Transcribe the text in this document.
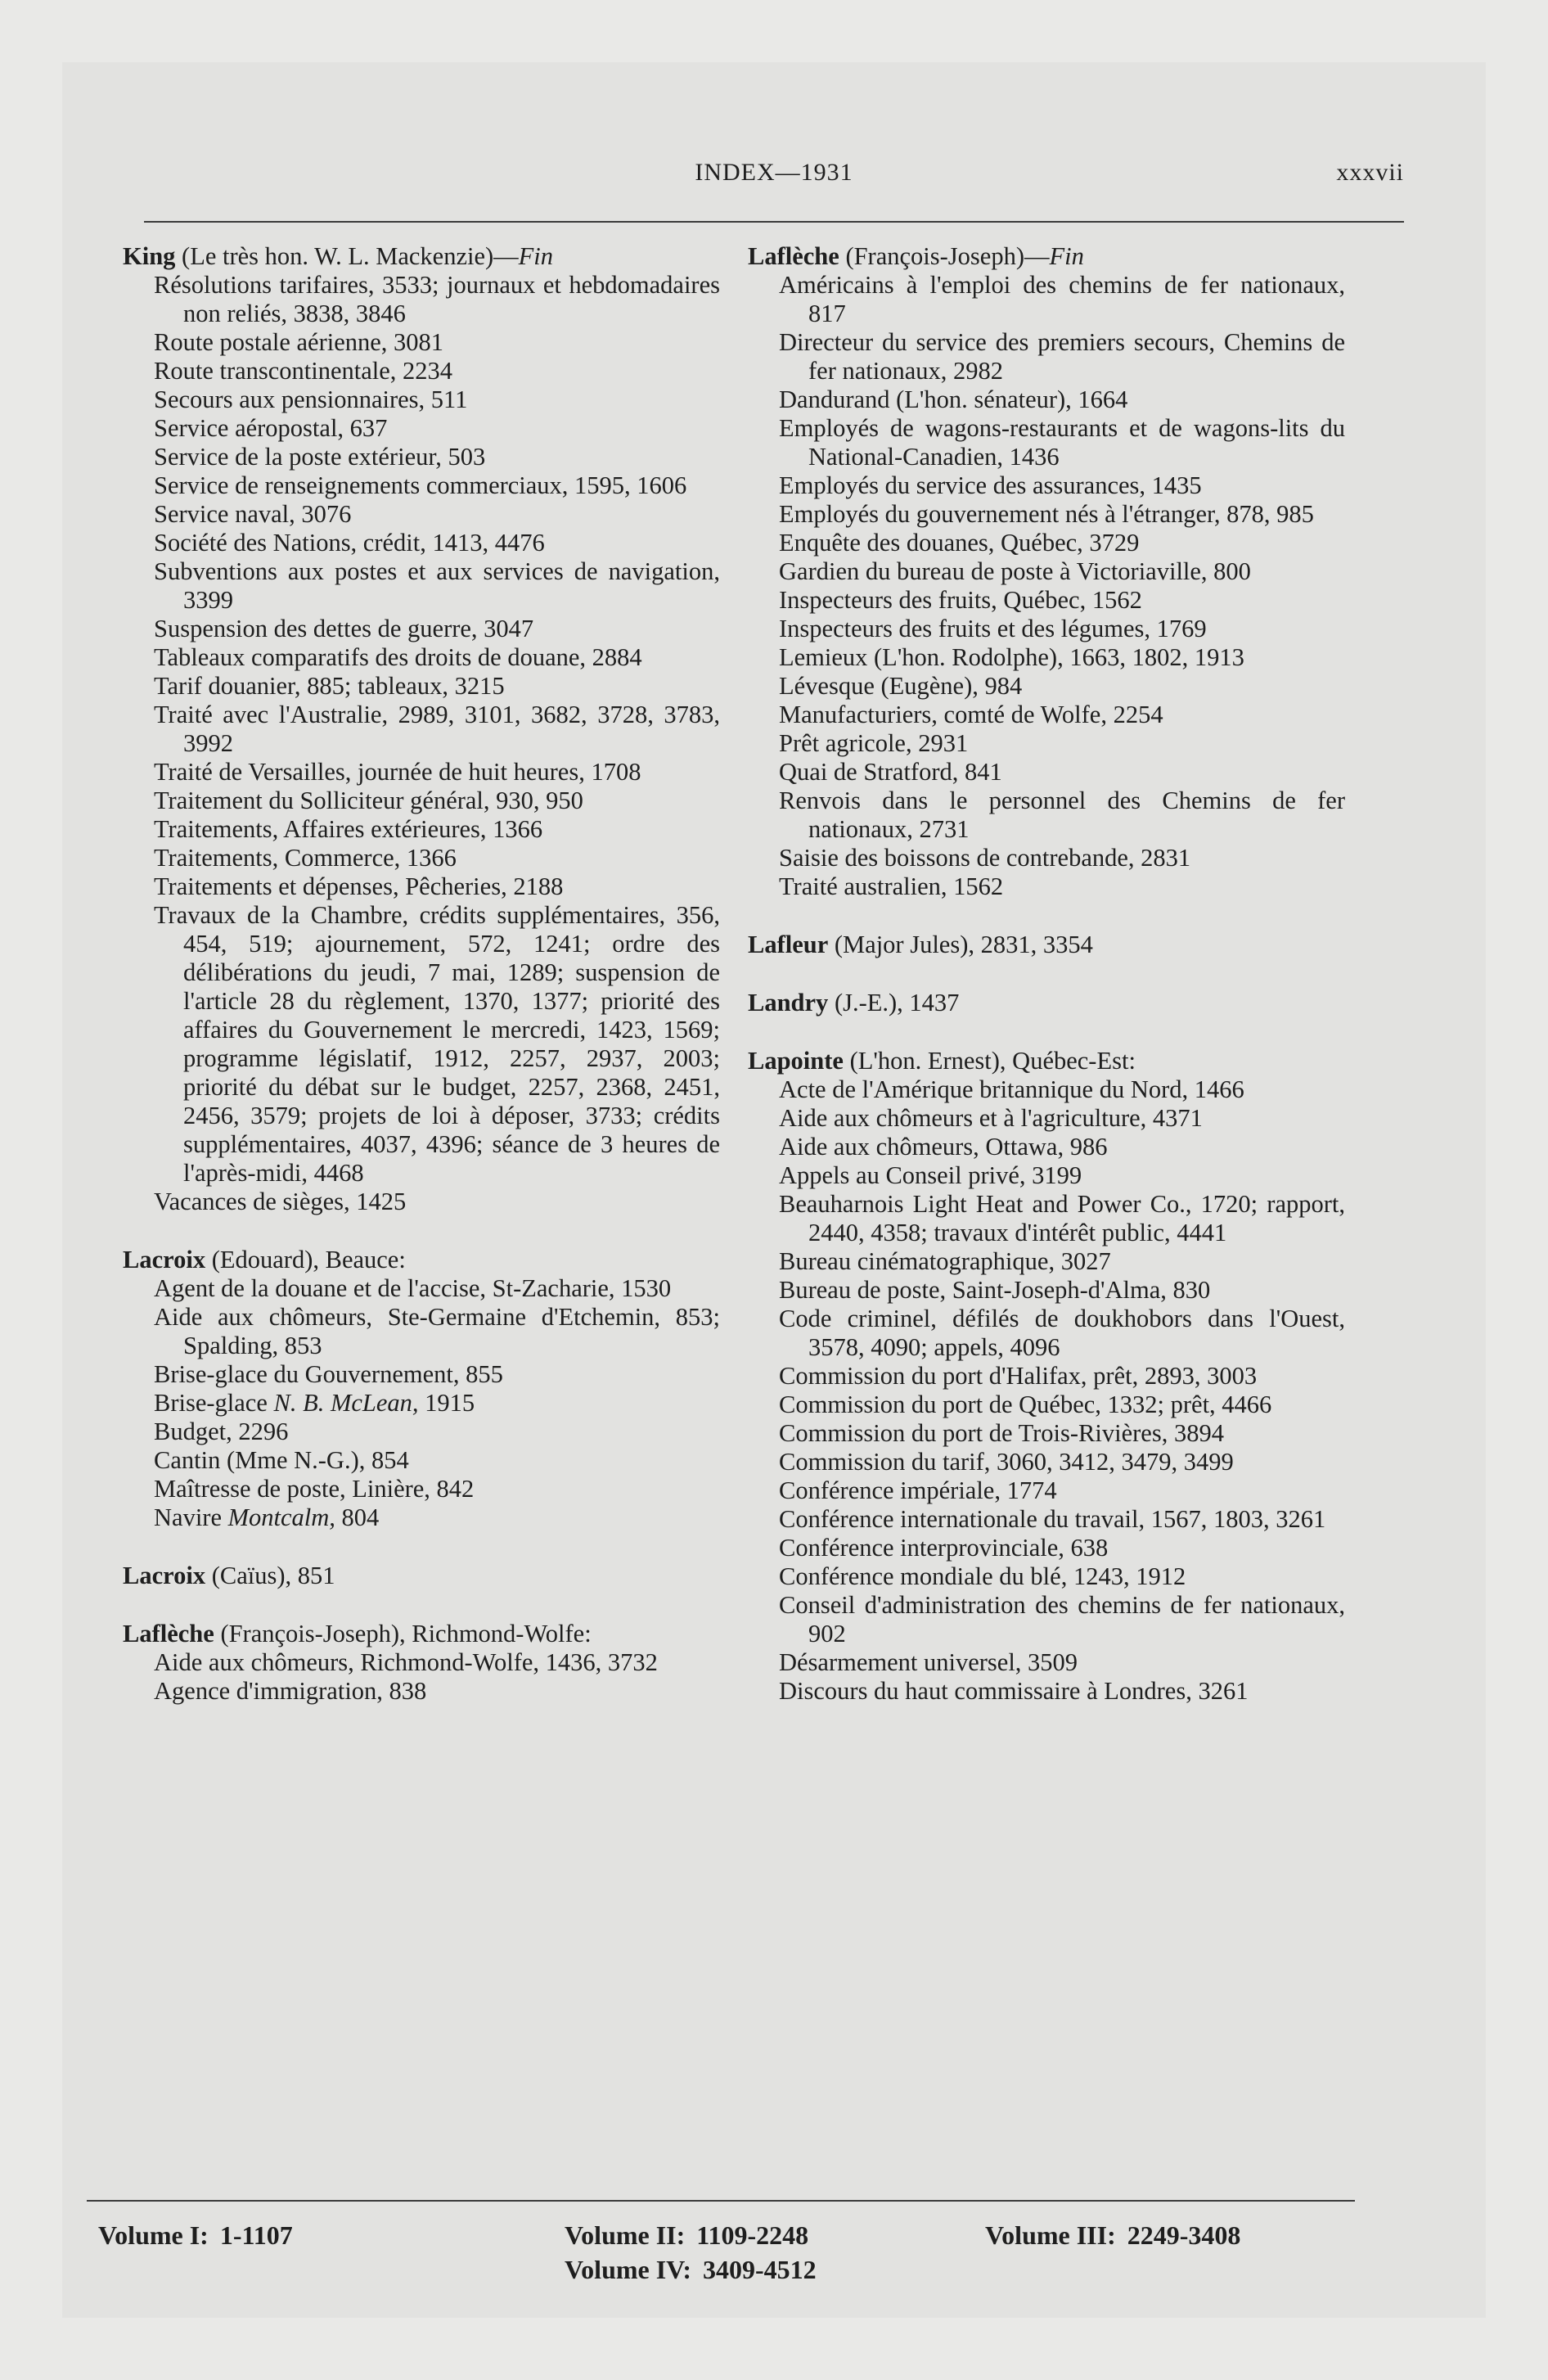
INDEX—1931	xxxvii

King (Le très hon. W. L. Mackenzie)—Fin

Résolutions tarifaires, 3533; journaux et hebdomadaires non reliés, 3838, 3846

Route postale aérienne, 3081

Route transcontinentale, 2234

Secours aux pensionnaires, 511

Service aéropostal, 637

Service de la poste extérieur, 503

Service de renseignements commerciaux, 1595, 1606

Service naval, 3076

Société des Nations, crédit, 1413, 4476

Subventions aux postes et aux services de navigation, 3399

Suspension des dettes de guerre, 3047

Tableaux comparatifs des droits de douane, 2884

Tarif douanier, 885; tableaux, 3215

Traité avec l'Australie, 2989, 3101, 3682, 3728, 3783, 3992

Traité de Versailles, journée de huit heures, 1708

Traitement du Solliciteur général, 930, 950

Traitements, Affaires extérieures, 1366

Traitements, Commerce, 1366

Traitements et dépenses, Pêcheries, 2188

Travaux de la Chambre, crédits supplémentaires, 356, 454, 519; ajournement, 572, 1241; ordre des délibérations du jeudi, 7 mai, 1289; suspension de l'article 28 du règlement, 1370, 1377; priorité des affaires du Gouvernement le mercredi, 1423, 1569; programme législatif, 1912, 2257, 2937, 2003; priorité du débat sur le budget, 2257, 2368, 2451, 2456, 3579; projets de loi à déposer, 3733; crédits supplémentaires, 4037, 4396; séance de 3 heures de l'après-midi, 4468

Vacances de sièges, 1425

Lacroix (Edouard), Beauce:

Agent de la douane et de l'accise, St-Zacharie, 1530

Aide aux chômeurs, Ste-Germaine d'Etchemin, 853; Spalding, 853

Brise-glace du Gouvernement, 855

Brise-glace N. B. McLean, 1915

Budget, 2296

Cantin (Mme N.-G.), 854

Maîtresse de poste, Linière, 842

Navire Montcalm, 804

Lacroix (Caïus), 851

Laflèche (François-Joseph), Richmond-Wolfe:

Aide aux chômeurs, Richmond-Wolfe, 1436, 3732

Agence d'immigration, 838

Laflèche (François-Joseph)—Fin

Américains à l'emploi des chemins de fer nationaux, 817

Directeur du service des premiers secours, Chemins de fer nationaux, 2982

Dandurand (L'hon. sénateur), 1664

Employés de wagons-restaurants et de wagons-lits du National-Canadien, 1436

Employés du service des assurances, 1435

Employés du gouvernement nés à l'étranger, 878, 985

Enquête des douanes, Québec, 3729

Gardien du bureau de poste à Victoriaville, 800

Inspecteurs des fruits, Québec, 1562

Inspecteurs des fruits et des légumes, 1769

Lemieux (L'hon. Rodolphe), 1663, 1802, 1913

Lévesque (Eugène), 984

Manufacturiers, comté de Wolfe, 2254

Prêt agricole, 2931

Quai de Stratford, 841

Renvois dans le personnel des Chemins de fer nationaux, 2731

Saisie des boissons de contrebande, 2831

Traité australien, 1562

Lafleur (Major Jules), 2831, 3354

Landry (J.-E.), 1437

Lapointe (L'hon. Ernest), Québec-Est:

Acte de l'Amérique britannique du Nord, 1466

Aide aux chômeurs et à l'agriculture, 4371

Aide aux chômeurs, Ottawa, 986

Appels au Conseil privé, 3199

Beauharnois Light Heat and Power Co., 1720; rapport, 2440, 4358; travaux d'intérêt public, 4441

Bureau cinématographique, 3027

Bureau de poste, Saint-Joseph-d'Alma, 830

Code criminel, défilés de doukhobors dans l'Ouest, 3578, 4090; appels, 4096

Commission du port d'Halifax, prêt, 2893, 3003

Commission du port de Québec, 1332; prêt, 4466

Commission du port de Trois-Rivières, 3894

Commission du tarif, 3060, 3412, 3479, 3499

Conférence impériale, 1774

Conférence internationale du travail, 1567, 1803, 3261

Conférence interprovinciale, 638

Conférence mondiale du blé, 1243, 1912

Conseil d'administration des chemins de fer nationaux, 902

Désarmement universel, 3509

Discours du haut commissaire à Londres, 3261

Volume I: 1-1107	Volume II: 1109-2248	Volume III: 2249-3408
Volume IV: 3409-4512
